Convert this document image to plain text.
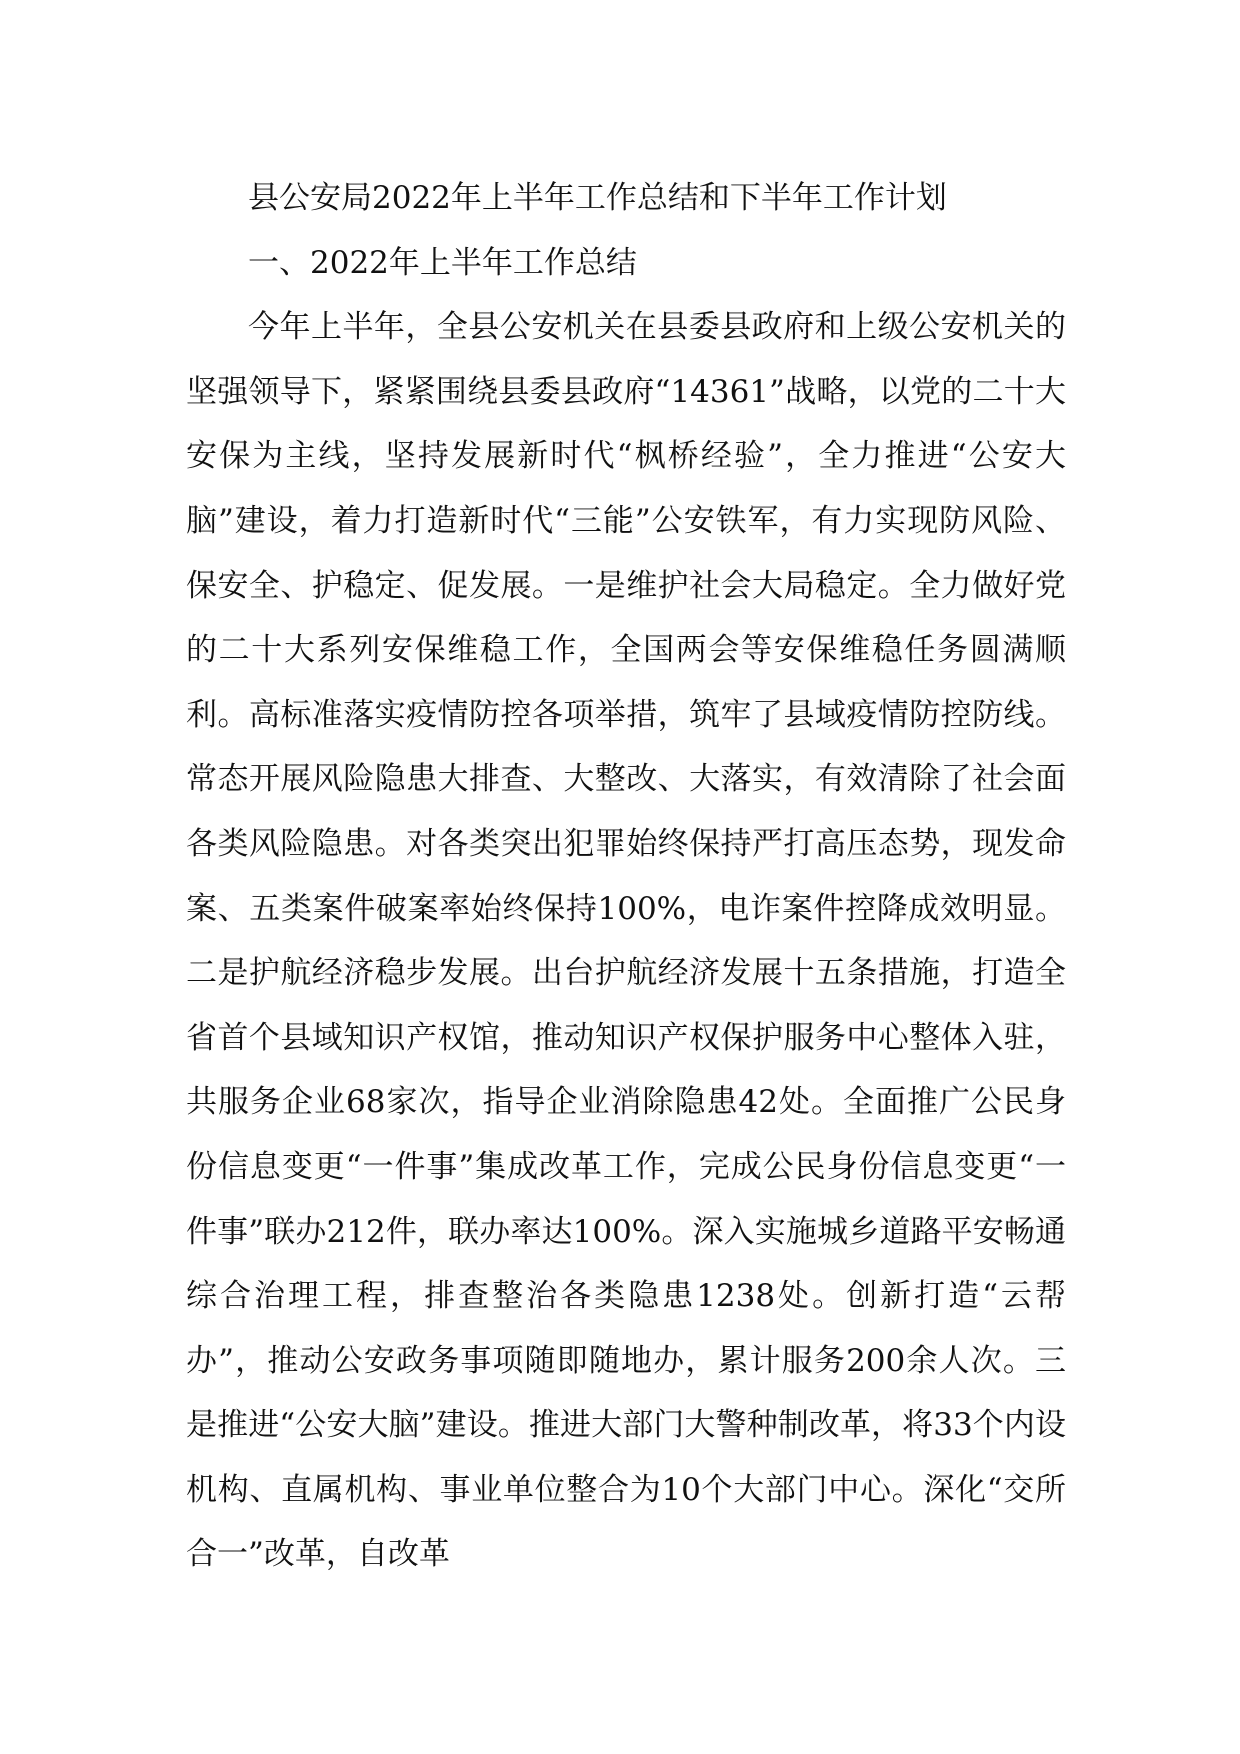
县公安局2022年上半年工作总结和下半年工作计划
一、2022年上半年工作总结

今年上半年，全县公安机关在县委县政府和上级公安机关的坚强领导下，紧紧围绕县委县政府“14361”战略，以党的二十大安保为主线，坚持发展新时代“枫桥经验”，全力推进“公安大脑”建设，着力打造新时代“三能”公安铁军，有力实现防风险、保安全、护稳定、促发展。一是维护社会大局稳定。全力做好党的二十大系列安保维稳工作，全国两会等安保维稳任务圆满顺利。高标准落实疫情防控各项举措，筑牢了县域疫情防控防线。常态开展风险隐患大排查、大整改、大落实，有效清除了社会面各类风险隐患。对各类突出犯罪始终保持严打高压态势，现发命案、五类案件破案率始终保持100%，电诈案件控降成效明显。二是护航经济稳步发展。出台护航经济发展十五条措施，打造全省首个县域知识产权馆，推动知识产权保护服务中心整体入驻，共服务企业68家次，指导企业消除隐患42处。全面推广公民身份信息变更“一件事”集成改革工作，完成公民身份信息变更“一件事”联办212件，联办率达100%。深入实施城乡道路平安畅通综合治理工程，排查整治各类隐患1238处。创新打造“云帮办”，推动公安政务事项随即随地办，累计服务200余人次。三是推进“公安大脑”建设。推进大部门大警种制改革，将33个内设机构、直属机构、事业单位整合为10个大部门中心。深化“交所合一”改革，自改革
